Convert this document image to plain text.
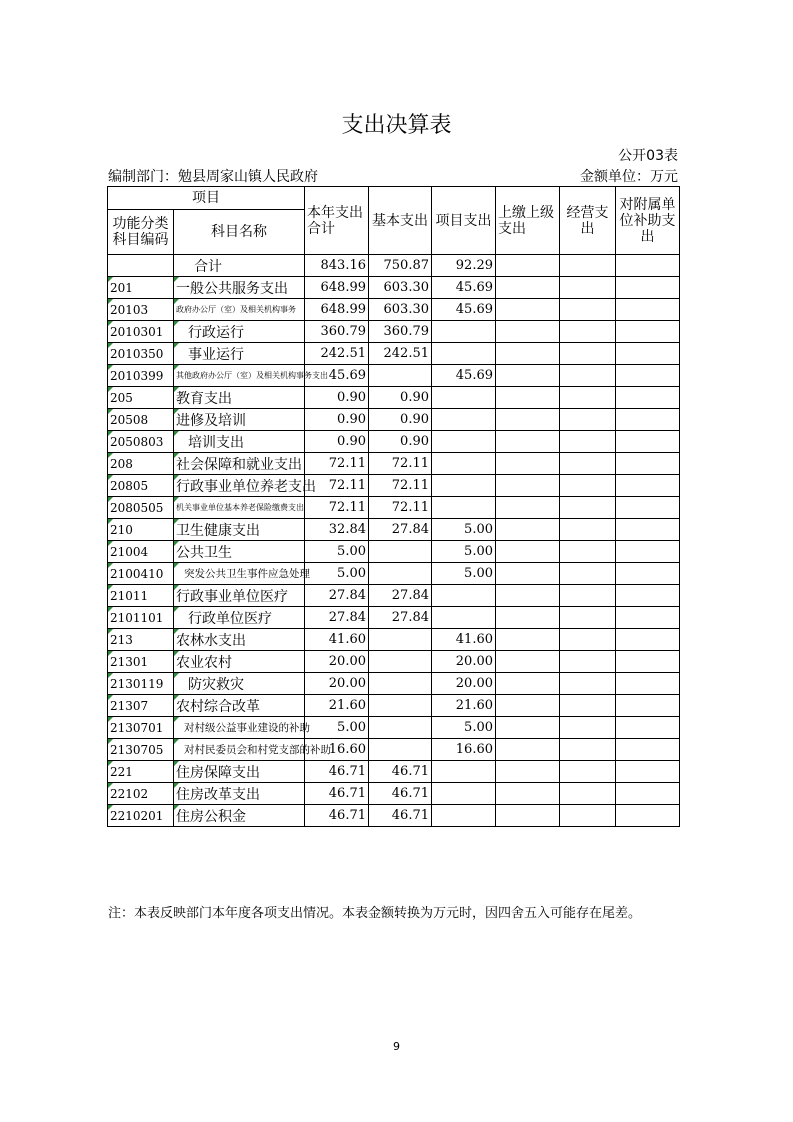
支出决算表
公开03表
编制部门：勉县周家山镇人民政府	金额单位：万元
项目		本年支出合计	基本支出	项目支出	上缴上级支出	经营支出	对附属单位补助支出
功能分类科目编码	科目名称						
	合计	843.16	750.87	92.29			
201	一般公共服务支出	648.99	603.30	45.69			
20103	政府办公厅（室）及相关机构事务	648.99	603.30	45.69			
2010301	行政运行	360.79	360.79				
2010350	事业运行	242.51	242.51				
2010399	其他政府办公厅（室）及相关机构事务支出	45.69		45.69			
205	教育支出	0.90	0.90				
20508	进修及培训	0.90	0.90				
2050803	培训支出	0.90	0.90				
208	社会保障和就业支出	72.11	72.11				
20805	行政事业单位养老支出	72.11	72.11				
2080505	机关事业单位基本养老保险缴费支出	72.11	72.11				
210	卫生健康支出	32.84	27.84	5.00			
21004	公共卫生	5.00		5.00			
2100410	突发公共卫生事件应急处理	5.00		5.00			
21011	行政事业单位医疗	27.84	27.84				
2101101	行政单位医疗	27.84	27.84				
213	农林水支出	41.60		41.60			
21301	农业农村	20.00		20.00			
2130119	防灾救灾	20.00		20.00			
21307	农村综合改革	21.60		21.60			
2130701	对村级公益事业建设的补助	5.00		5.00			
2130705	对村民委员会和村党支部的补助	16.60		16.60			
221	住房保障支出	46.71	46.71				
22102	住房改革支出	46.71	46.71				
2210201	住房公积金	46.71	46.71				
注：本表反映部门本年度各项支出情况。本表金额转换为万元时，因四舍五入可能存在尾差。
9
